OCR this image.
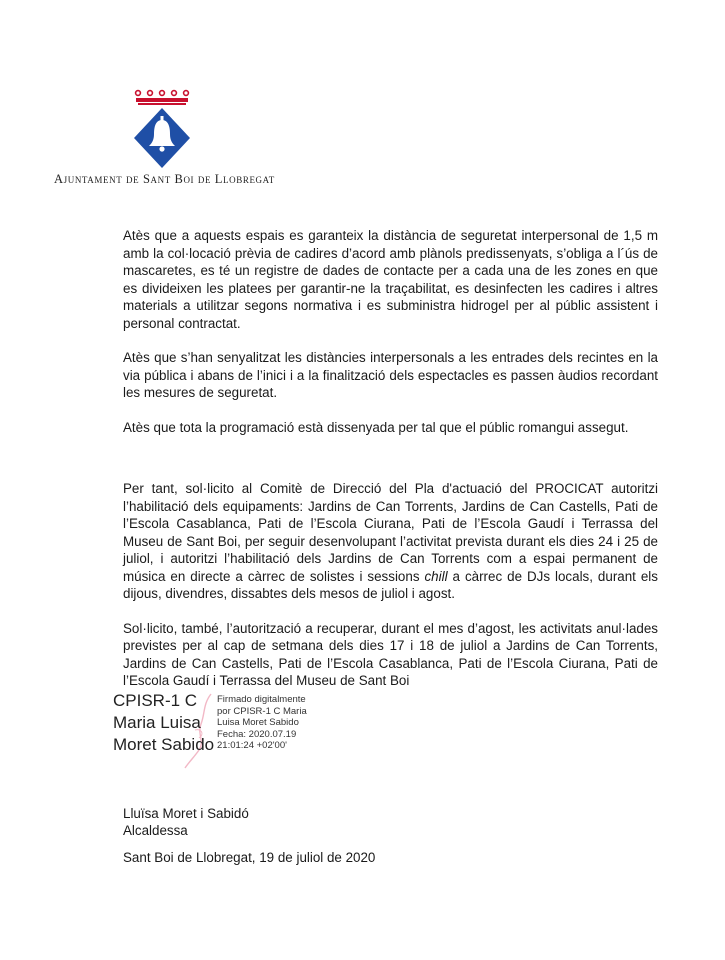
Ajuntament de Sant Boi de Llobregat

Atès que a aquests espais es garanteix la distància de seguretat interpersonal de 1,5 m amb la col·locació prèvia de cadires d’acord amb plànols predissenyats, s’obliga a l´ús de mascaretes, es té un registre de dades de contacte per a cada una de les zones en que es divideixen les platees per garantir-ne la traçabilitat, es desinfecten les cadires i altres materials a utilitzar segons normativa i es subministra hidrogel per al públic assistent i personal contractat.

Atès que s’han senyalitzat les distàncies interpersonals a les entrades dels recintes en la via pública i abans de l’inici i a la finalització dels espectacles es passen àudios recordant les mesures de seguretat.

Atès que tota la programació està dissenyada per tal que el públic romangui assegut.

Per tant, sol·licito al Comitè de Direcció del Pla d'actuació del PROCICAT autoritzi l’habilitació dels equipaments: Jardins de Can Torrents, Jardins de Can Castells, Pati de l’Escola Casablanca, Pati de l’Escola Ciurana, Pati de l’Escola Gaudí i Terrassa del Museu de Sant Boi, per seguir desenvolupant l’activitat prevista durant els dies 24 i 25 de juliol, i autoritzi l’habilitació dels Jardins de Can Torrents com a espai permanent de música en directe a càrrec de solistes i sessions chill a càrrec de DJs locals, durant els dijous, divendres, dissabtes dels mesos de juliol i agost.

Sol·licito, també, l’autorització a recuperar, durant el mes d’agost, les activitats anul·lades previstes per al cap de setmana dels dies 17 i 18 de juliol a Jardins de Can Torrents, Jardins de Can Castells, Pati de l’Escola Casablanca, Pati de l’Escola Ciurana, Pati de l’Escola Gaudí i Terrassa del Museu de Sant Boi

CPISR-1 C
Maria Luisa
Moret Sabido
Firmado digitalmente
por CPISR-1 C Maria
Luisa Moret Sabido
Fecha: 2020.07.19
21:01:24 +02'00'
Lluïsa Moret i Sabidó
Alcaldessa
Sant Boi de Llobregat, 19 de juliol de 2020
